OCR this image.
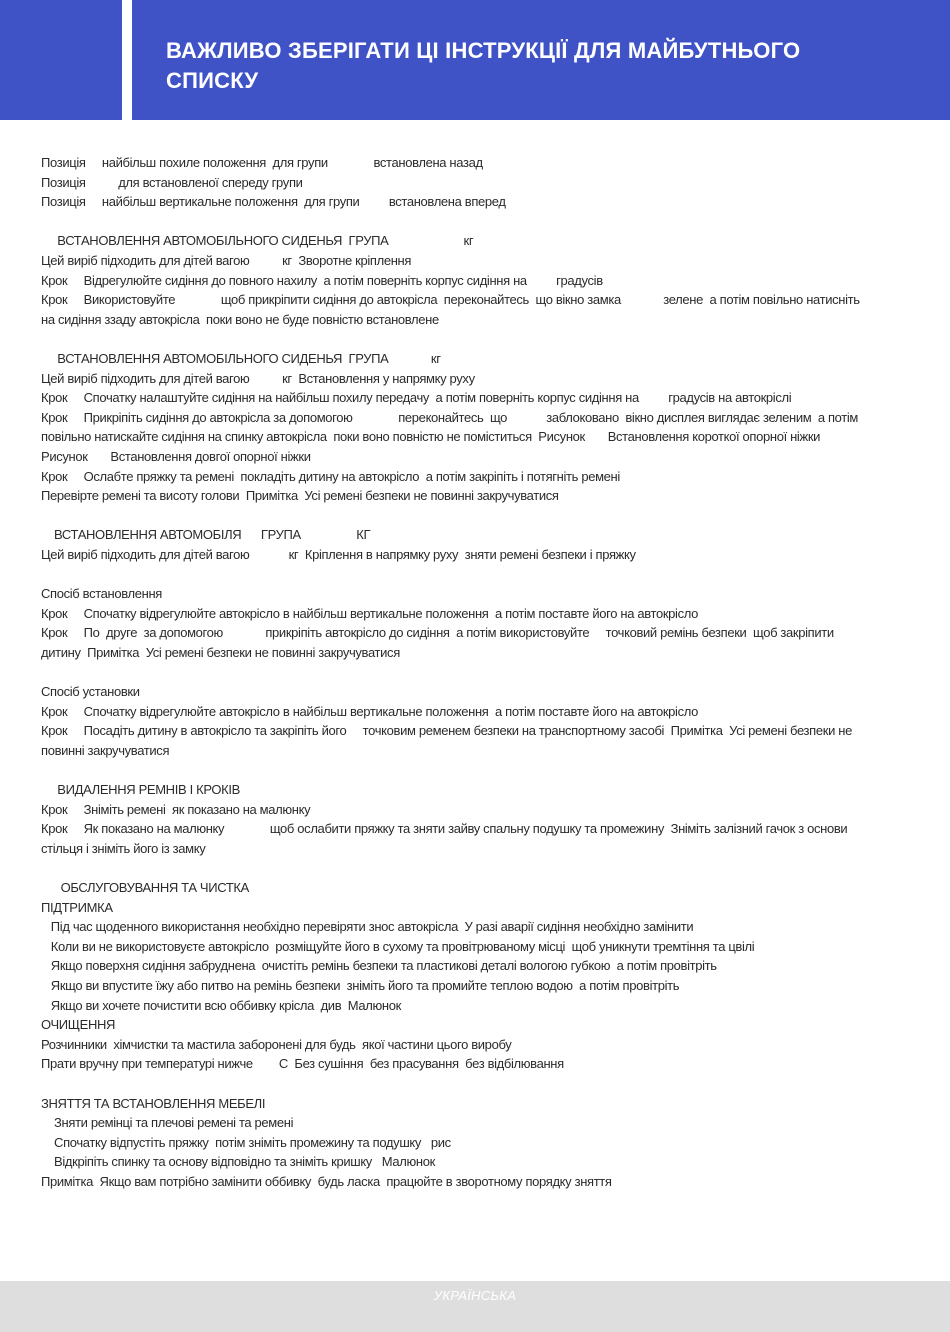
ВАЖЛИВО ЗБЕРІГАТИ ЦІ ІНСТРУКЦІЇ ДЛЯ МАЙБУТНЬОГО СПИСКУ
Позиція     найбільш похиле положення  для групи              встановлена назад
Позиція          для встановленої спереду групи
Позиція     найбільш вертикальне положення  для групи         встановлена вперед
ВСТАНОВЛЕННЯ АВТОМОБІЛЬНОГО СИДЕНЬЯ  ГРУПА                       кг
Цей виріб підходить для дітей вагою          кг  Зворотне кріплення
Крок     Відрегулюйте сидіння до повного нахилу  а потім поверніть корпус сидіння на         градусів
Крок     Використовуйте              щоб прикріпити сидіння до автокрісла  переконайтесь  що вікно замка             зелене  а потім повільно натисніть
на сидіння ззаду автокрісла  поки воно не буде повністю встановлене
ВСТАНОВЛЕННЯ АВТОМОБІЛЬНОГО СИДЕНЬЯ  ГРУПА             кг
Цей виріб підходить для дітей вагою          кг  Встановлення у напрямку руху
Крок     Спочатку налаштуйте сидіння на найбільш похилу передачу  а потім поверніть корпус сидіння на         градусів на автокріслі
Крок     Прикріпіть сидіння до автокрісла за допомогою              переконайтесь  що            заблоковано  вікно дисплея виглядає зеленим  а потім
повільно натискайте сидіння на спинку автокрісла  поки воно повністю не поміститься  Рисунок       Встановлення короткої опорної ніжки
Рисунок       Встановлення довгої опорної ніжки
Крок     Ослабте пряжку та ремені  покладіть дитину на автокрісло  а потім закріпіть і потягніть ремені
Перевірте ремені та висоту голови  Примітка  Усі ремені безпеки не повинні закручуватися
ВСТАНОВЛЕННЯ АВТОМОБІЛЯ      ГРУПА                 КГ
Цей виріб підходить для дітей вагою            кг  Кріплення в напрямку руху  зняти ремені безпеки і пряжку
Спосіб встановлення
Крок     Спочатку відрегулюйте автокрісло в найбільш вертикальне положення  а потім поставте його на автокрісло
Крок     По  друге  за допомогою             прикріпіть автокрісло до сидіння  а потім використовуйте     точковий ремінь безпеки  щоб закріпити
дитину  Примітка  Усі ремені безпеки не повинні закручуватися
Спосіб установки
Крок     Спочатку відрегулюйте автокрісло в найбільш вертикальне положення  а потім поставте його на автокрісло
Крок     Посадіть дитину в автокрісло та закріпіть його     точковим ременем безпеки на транспортному засобі  Примітка  Усі ремені безпеки не
повинні закручуватися
ВИДАЛЕННЯ РЕМНІВ І КРОКІВ
Крок     Зніміть ремені  як показано на малюнку
Крок     Як показано на малюнку              щоб ослабити пряжку та зняти зайву спальну подушку та промежину  Зніміть залізний гачок з основи
стільця і зніміть його із замку
ОБСЛУГОВУВАННЯ ТА ЧИСТКА
ПІДТРИМКА
Під час щоденного використання необхідно перевіряти знос автокрісла  У разі аварії сидіння необхідно замінити
Коли ви не використовуєте автокрісло  розміщуйте його в сухому та провітрюваному місці  щоб уникнути тремтіння та цвілі
Якщо поверхня сидіння забруднена  очистіть ремінь безпеки та пластикові деталі вологою губкою  а потім провітріть
Якщо ви впустите їжу або питво на ремінь безпеки  зніміть його та промийте теплою водою  а потім провітріть
Якщо ви хочете почистити всю оббивку крісла  див  Малюнок
ОЧИЩЕННЯ
Розчинники  хімчистки та мастила заборонені для будь  якої частини цього виробу
Прати вручну при температурі нижче        С  Без сушіння  без прасування  без відбілювання
ЗНЯТТЯ ТА ВСТАНОВЛЕННЯ МЕБЕЛІ
Зняти ремінці та плечові ремені та ремені
Спочатку відпустіть пряжку  потім зніміть промежину та подушку   рис
Відкріпіть спинку та основу відповідно та зніміть кришку   Малюнок
Примітка  Якщо вам потрібно замінити оббивку  будь ласка  працюйте в зворотному порядку зняття
УКРАЇНСЬКА
